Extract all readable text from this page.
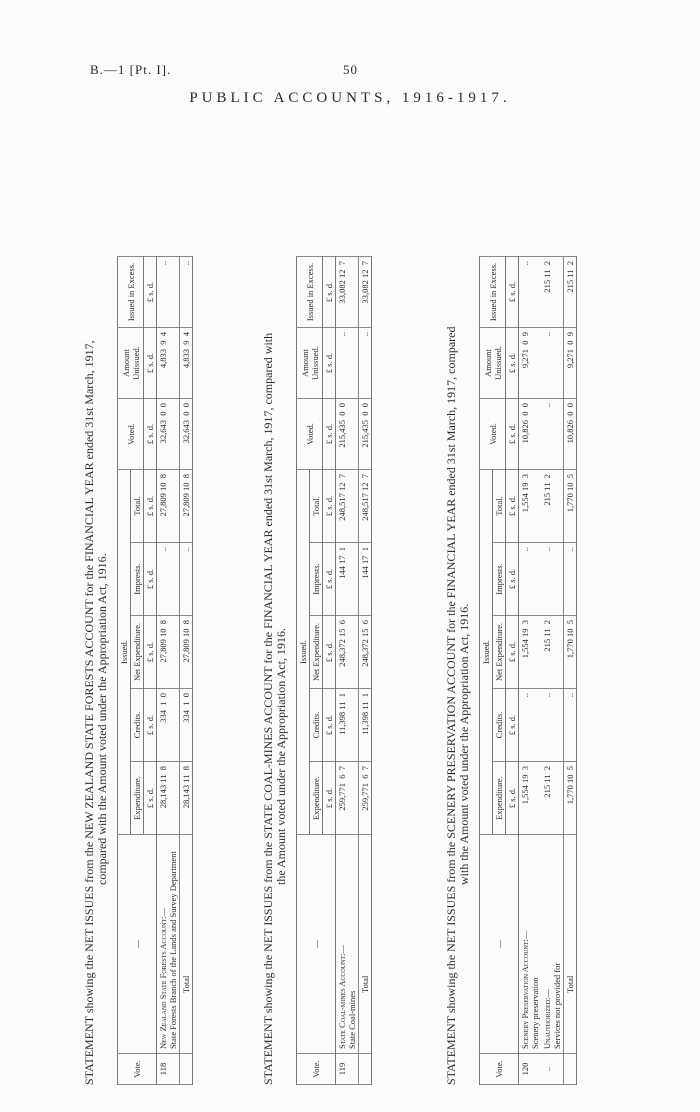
B.—1 [Pt. I].	50
PUBLIC ACCOUNTS, 1916-1917.
STATEMENT showing the NET ISSUES from the NEW ZEALAND STATE FORESTS ACCOUNT for the FINANCIAL YEAR ended 31st March, 1917, compared with the Amount voted under the Appropriation Act, 1916.
Vote.	—	Issued.					Voted.	Amount Unissued.	Issued in Excess.
		Expenditure.	Credits.	Net Expenditure.	Imprests.	Total.			
		£ s. d.	£ s. d.	£ s. d.	£ s. d.	£ s. d.	£ s. d.	£ s. d.	£ s. d.
118	New Zealand State Forests Account:—
State Forests Branch of the Lands and Survey Department	28,143 11  8	334  1  0	27,809 10  8	..	27,809 10  8	32,643  0  0	4,833  9  4	..
	Total	28,143 11  8	334  1  0	27,809 10  8	..	27,809 10  8	32,643  0  0	4,833  9  4	..
STATEMENT showing the NET ISSUES from the STATE COAL-MINES ACCOUNT for the FINANCIAL YEAR ended 31st March, 1917, compared with the Amount voted under the Appropriation Act, 1916.
Vote.	—	Issued.					Voted.	Amount Unissued.	Issued in Excess.
		Expenditure.	Credits.	Net Expenditure.	Imprests.	Total.			
		£ s. d.	£ s. d.	£ s. d.	£ s. d.	£ s. d.	£ s. d.	£ s. d.	£ s. d.
119	State Coal-mines Account:—
State Coal-mines	259,771  6  7	11,398 11  1	248,372 15  6	144 17  1	248,517 12  7	215,435  0  0	..	33,082 12  7
	Total	259,771  6  7	11,398 11  1	248,372 15  6	144 17  1	248,517 12  7	215,435  0  0	..	33,082 12  7
STATEMENT showing the NET ISSUES from the SCENERY PRESERVATION ACCOUNT for the FINANCIAL YEAR ended 31st March, 1917, compared with the Amount voted under the Appropriation Act, 1916.
Vote.	—	Issued.					Voted.	Amount Unissued.	Issued in Excess.
		Expenditure.	Credits.	Net Expenditure.	Imprests.	Total.			
		£ s. d.	£ s. d.	£ s. d.	£ s. d.	£ s. d.	£ s. d.	£ s. d.	£ s. d.
120	Scenery Preservation Account:—
Scenery preservation	1,554 19  3	..	1,554 19  3	..	1,554 19  3	10,826  0  0	9,271  0  9	..
..	Unauthorized:—
Services not provided for	215 11  2	..	215 11  2	..	215 11  2	..	..	215 11  2
	Total	1,770 10  5	..	1,770 10  5	..	1,770 10  5	10,826  0  0	9,271  0  9	215 11  2
